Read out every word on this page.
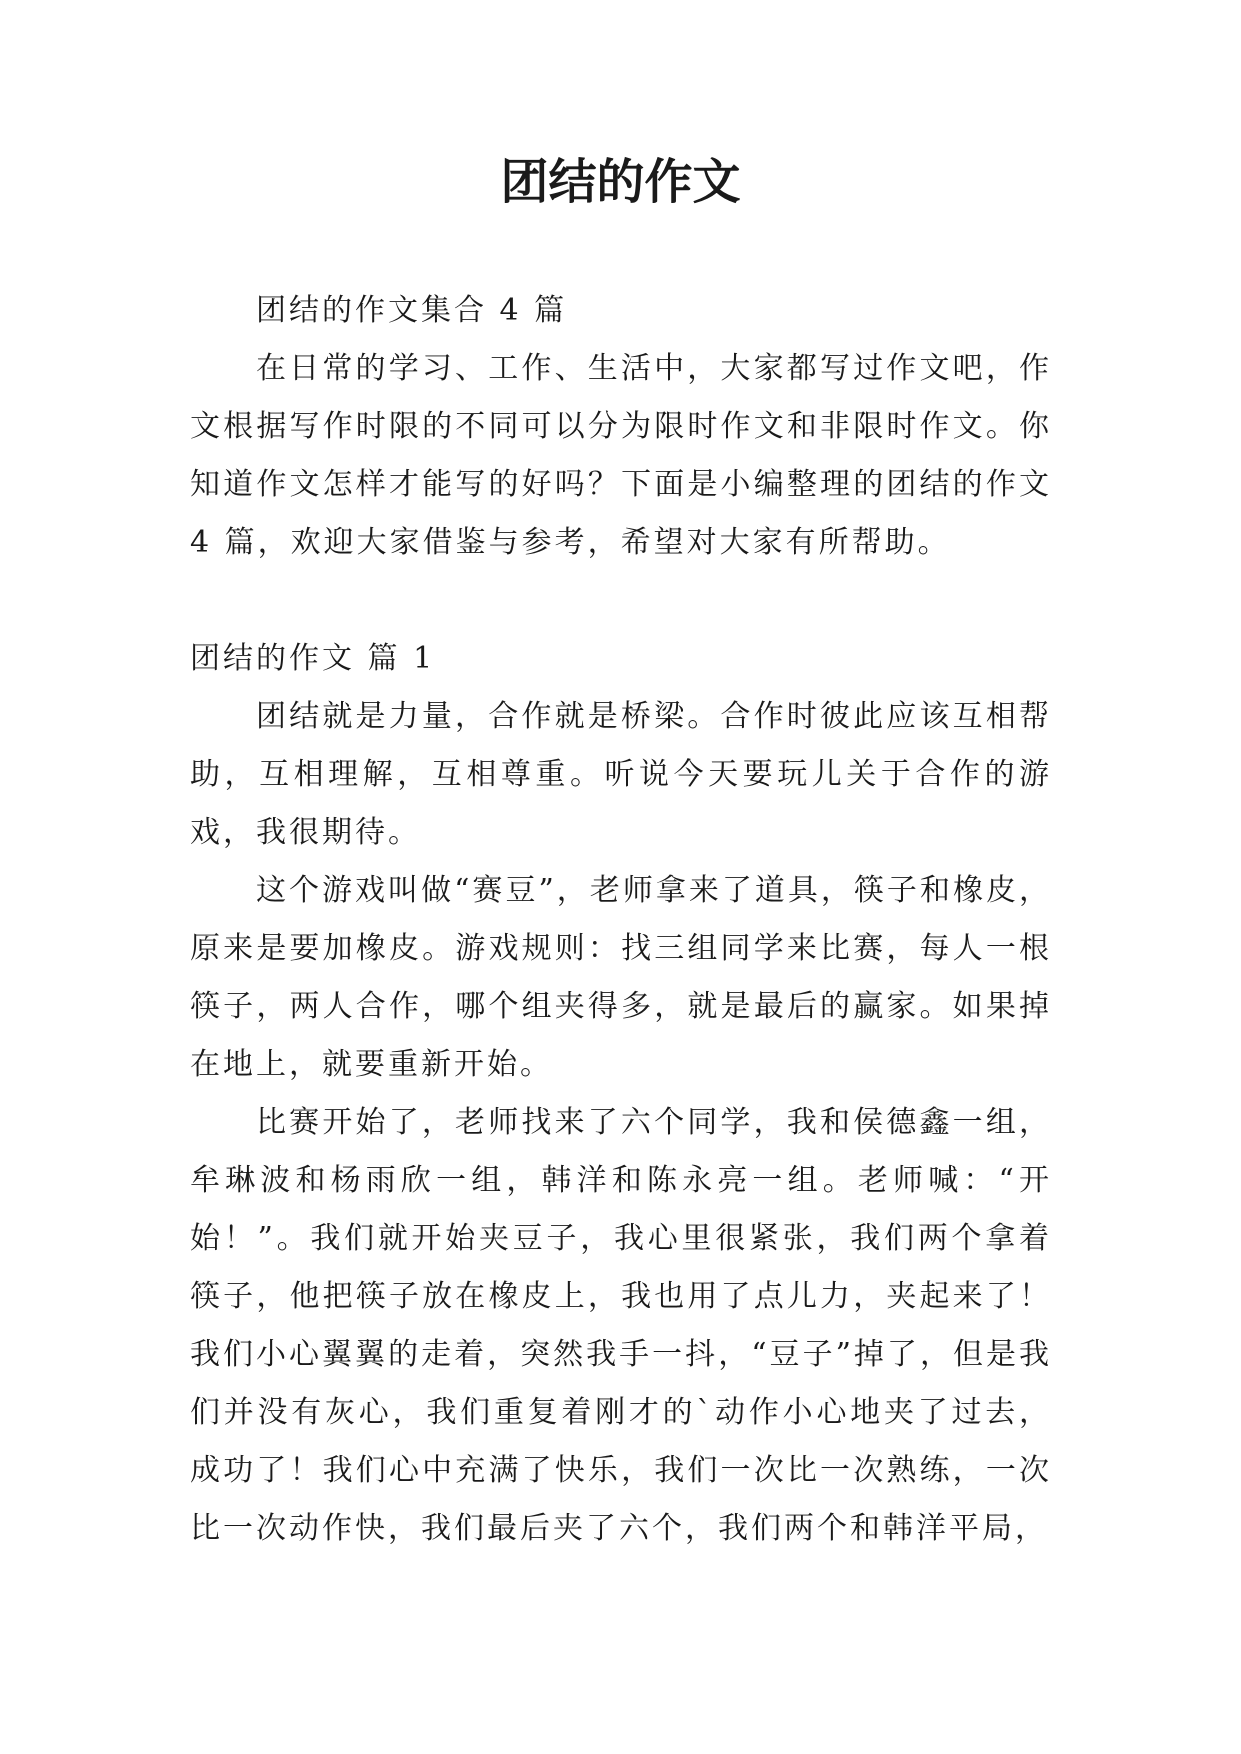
团结的作文

团结的作文集合 4 篇

在日常的学习、工作、生活中，大家都写过作文吧，作文根据写作时限的不同可以分为限时作文和非限时作文。你知道作文怎样才能写的好吗？下面是小编整理的团结的作文 4 篇，欢迎大家借鉴与参考，希望对大家有所帮助。

团结的作文 篇 1

团结就是力量，合作就是桥梁。合作时彼此应该互相帮助，互相理解，互相尊重。听说今天要玩儿关于合作的游戏，我很期待。

这个游戏叫做“赛豆”，老师拿来了道具，筷子和橡皮，原来是要加橡皮。游戏规则：找三组同学来比赛，每人一根筷子，两人合作，哪个组夹得多，就是最后的赢家。如果掉在地上，就要重新开始。

比赛开始了，老师找来了六个同学，我和侯德鑫一组，牟琳波和杨雨欣一组，韩洋和陈永亮一组。老师喊：“开始！”。我们就开始夹豆子，我心里很紧张，我们两个拿着筷子，他把筷子放在橡皮上，我也用了点儿力，夹起来了！我们小心翼翼的走着，突然我手一抖，“豆子”掉了，但是我们并没有灰心，我们重复着刚才的`动作小心地夹了过去，成功了！我们心中充满了快乐，我们一次比一次熟练，一次比一次动作快，我们最后夹了六个，我们两个和韩洋平局，
